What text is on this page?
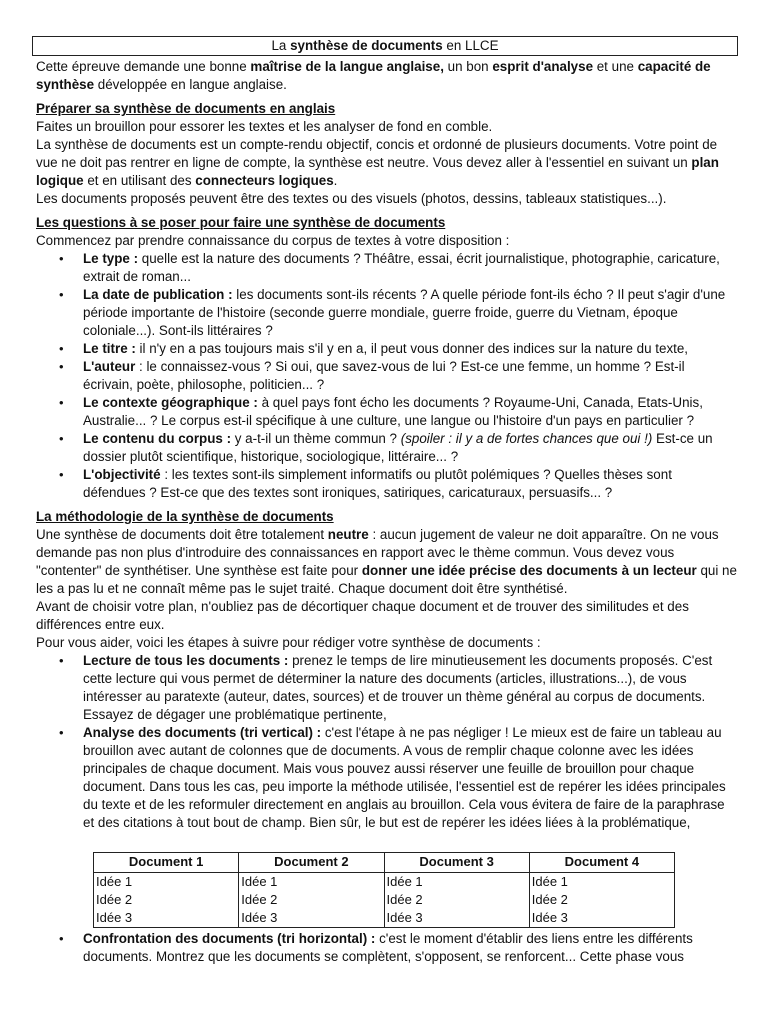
La synthèse de documents en LLCE

Cette épreuve demande une bonne maîtrise de la langue anglaise, un bon esprit d'analyse et une capacité de synthèse développée en langue anglaise.

Préparer sa synthèse de documents en anglais

Faites un brouillon pour essorer les textes et les analyser de fond en comble.

La synthèse de documents est un compte-rendu objectif, concis et ordonné de plusieurs documents. Votre point de vue ne doit pas rentrer en ligne de compte, la synthèse est neutre. Vous devez aller à l'essentiel en suivant un plan logique et en utilisant des connecteurs logiques.

Les documents proposés peuvent être des textes ou des visuels (photos, dessins, tableaux statistiques...).

Les questions à se poser pour faire une synthèse de documents

Commencez par prendre connaissance du corpus de textes à votre disposition :

• Le type : quelle est la nature des documents ? Théâtre, essai, écrit journalistique, photographie, caricature, extrait de roman...
• La date de publication : les documents sont-ils récents ? A quelle période font-ils écho ? Il peut s'agir d'une période importante de l'histoire (seconde guerre mondiale, guerre froide, guerre du Vietnam, époque coloniale...). Sont-ils littéraires ?
• Le titre : il n'y en a pas toujours mais s'il y en a, il peut vous donner des indices sur la nature du texte,
• L'auteur : le connaissez-vous ? Si oui, que savez-vous de lui ? Est-ce une femme, un homme ? Est-il écrivain, poète, philosophe, politicien... ?
• Le contexte géographique : à quel pays font écho les documents ? Royaume-Uni, Canada, Etats-Unis, Australie... ? Le corpus est-il spécifique à une culture, une langue ou l'histoire d'un pays en particulier ?
• Le contenu du corpus : y a-t-il un thème commun ? (spoiler : il y a de fortes chances que oui !) Est-ce un dossier plutôt scientifique, historique, sociologique, littéraire... ?
• L'objectivité : les textes sont-ils simplement informatifs ou plutôt polémiques ? Quelles thèses sont défendues ? Est-ce que des textes sont ironiques, satiriques, caricaturaux, persuasifs... ?

La méthodologie de la synthèse de documents

Une synthèse de documents doit être totalement neutre : aucun jugement de valeur ne doit apparaître. On ne vous demande pas non plus d'introduire des connaissances en rapport avec le thème commun. Vous devez vous "contenter" de synthétiser. Une synthèse est faite pour donner une idée précise des documents à un lecteur qui ne les a pas lu et ne connaît même pas le sujet traité. Chaque document doit être synthétisé.

Avant de choisir votre plan, n'oubliez pas de décortiquer chaque document et de trouver des similitudes et des différences entre eux.

Pour vous aider, voici les étapes à suivre pour rédiger votre synthèse de documents :

• Lecture de tous les documents : prenez le temps de lire minutieusement les documents proposés. C'est cette lecture qui vous permet de déterminer la nature des documents (articles, illustrations...), de vous intéresser au paratexte (auteur, dates, sources) et de trouver un thème général au corpus de documents. Essayez de dégager une problématique pertinente,
• Analyse des documents (tri vertical) : c'est l'étape à ne pas négliger ! Le mieux est de faire un tableau au brouillon avec autant de colonnes que de documents. A vous de remplir chaque colonne avec les idées principales de chaque document. Mais vous pouvez aussi réserver une feuille de brouillon pour chaque document. Dans tous les cas, peu importe la méthode utilisée, l'essentiel est de repérer les idées principales du texte et de les reformuler directement en anglais au brouillon. Cela vous évitera de faire de la paraphrase et des citations à tout bout de champ. Bien sûr, le but est de repérer les idées liées à la problématique,
Document 1	Document 2	Document 3	Document 4

Idée 1
Idée 2
Idée 3	Idée 1
Idée 2
Idée 3	Idée 1
Idée 2
Idée 3	Idée 1
Idée 2
Idée 3
• Confrontation des documents (tri horizontal) : c'est le moment d'établir des liens entre les différents documents. Montrez que les documents se complètent, s'opposent, se renforcent... Cette phase vous
